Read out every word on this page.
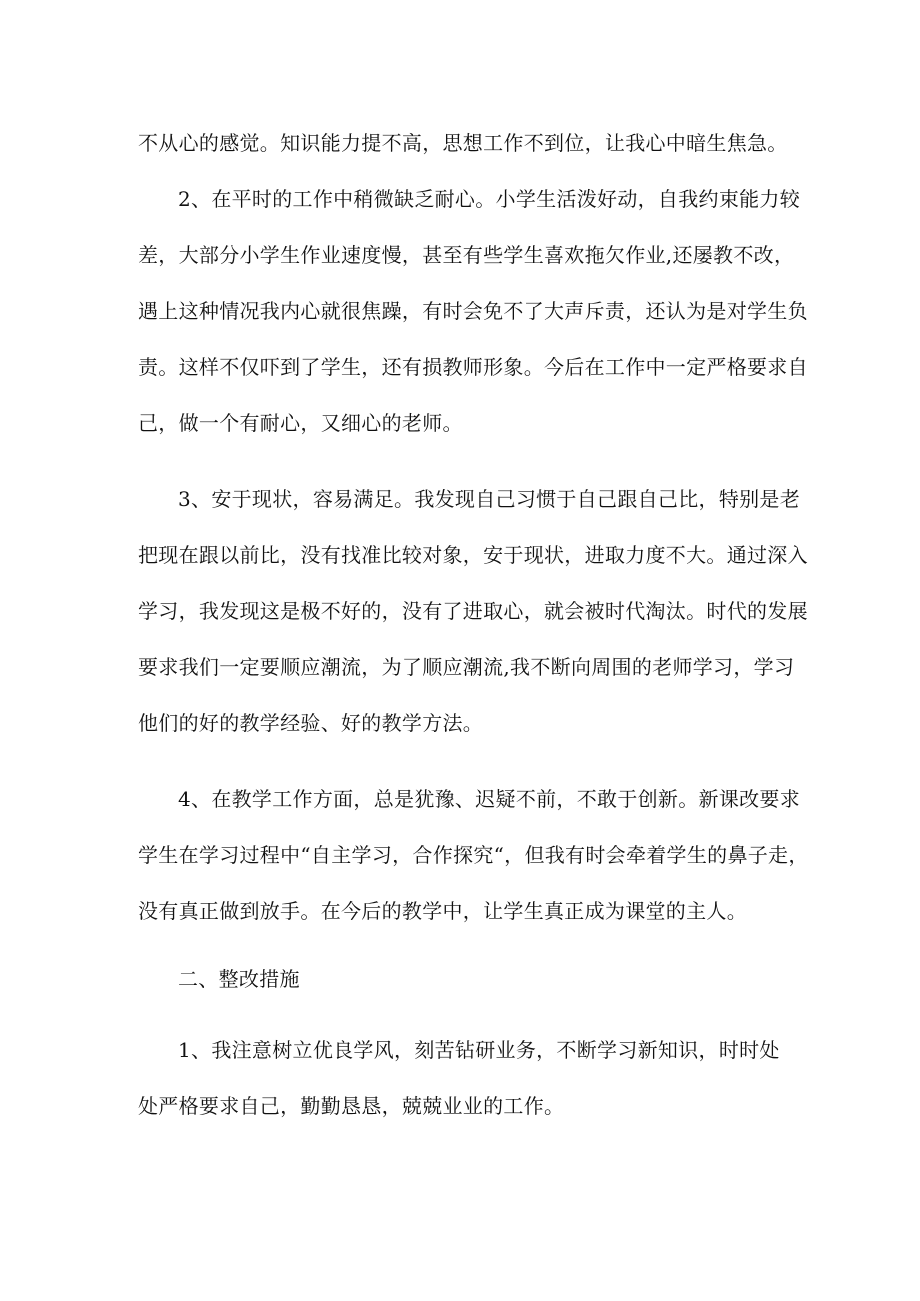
不从心的感觉。知识能力提不高，思想工作不到位，让我心中暗生焦急。
2、在平时的工作中稍微缺乏耐心。小学生活泼好动，自我约束能力较
差，大部分小学生作业速度慢，甚至有些学生喜欢拖欠作业,还屡教不改，
遇上这种情况我内心就很焦躁，有时会免不了大声斥责，还认为是对学生负
责。这样不仅吓到了学生，还有损教师形象。今后在工作中一定严格要求自
己，做一个有耐心，又细心的老师。
3、安于现状，容易满足。我发现自己习惯于自己跟自己比，特别是老
把现在跟以前比，没有找准比较对象，安于现状，进取力度不大。通过深入
学习，我发现这是极不好的，没有了进取心，就会被时代淘汰。时代的发展
要求我们一定要顺应潮流，为了顺应潮流,我不断向周围的老师学习，学习
他们的好的教学经验、好的教学方法。
4、在教学工作方面，总是犹豫、迟疑不前，不敢于创新。新课改要求
学生在学习过程中“自主学习，合作探究“，但我有时会牵着学生的鼻子走，
没有真正做到放手。在今后的教学中，让学生真正成为课堂的主人。
二、整改措施
1、我注意树立优良学风，刻苦钻研业务，不断学习新知识，时时处
处严格要求自己，勤勤恳恳，兢兢业业的工作。
